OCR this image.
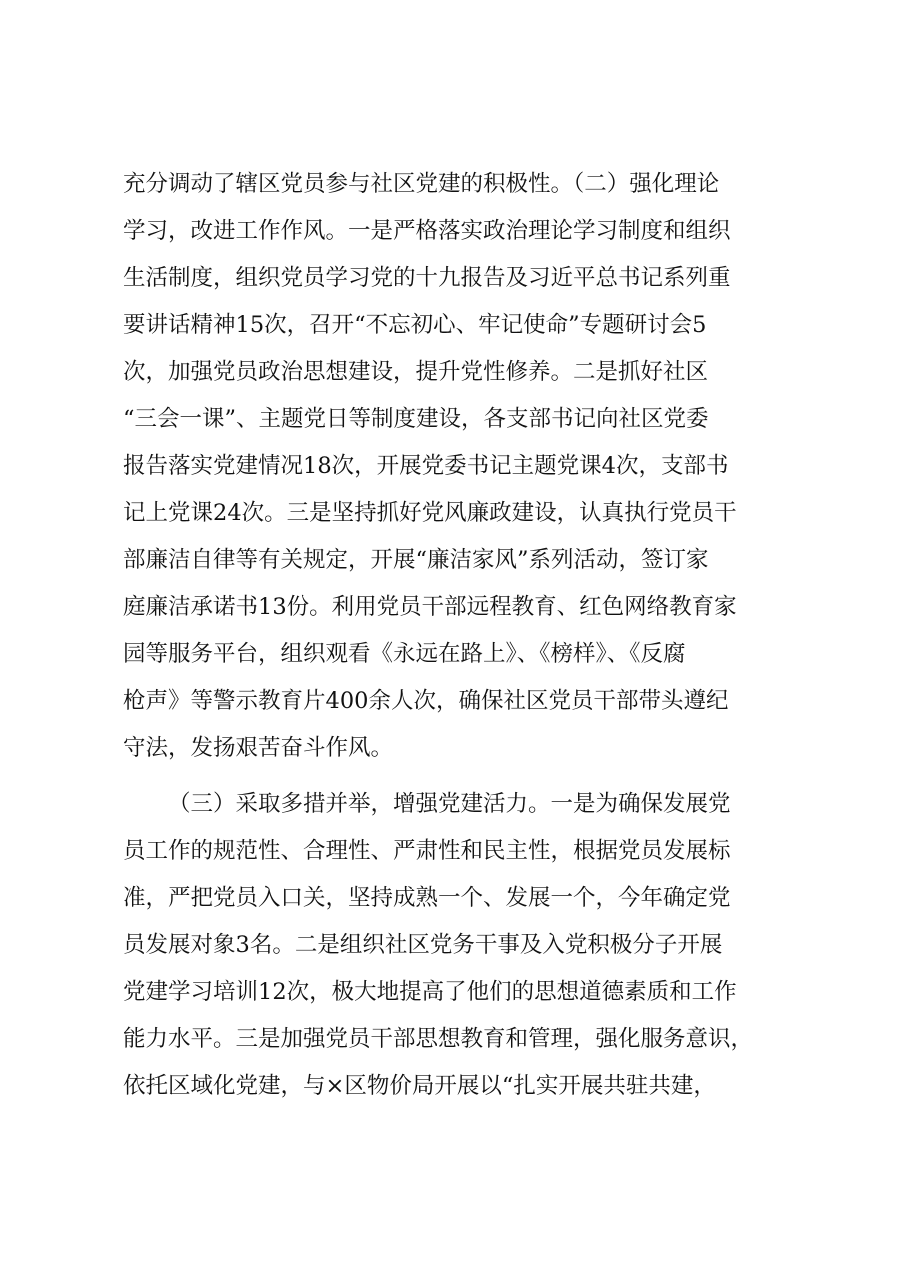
充分调动了辖区党员参与社区党建的积极性。（二）强化理论
学习，改进工作作风。一是严格落实政治理论学习制度和组织
生活制度，组织党员学习党的十九报告及习近平总书记系列重
要讲话精神15次，召开“不忘初心、牢记使命”专题研讨会5
次，加强党员政治思想建设，提升党性修养。二是抓好社区
“三会一课”、主题党日等制度建设，各支部书记向社区党委
报告落实党建情况18次，开展党委书记主题党课4次，支部书
记上党课24次。三是坚持抓好党风廉政建设，认真执行党员干
部廉洁自律等有关规定，开展“廉洁家风”系列活动，签订家
庭廉洁承诺书13份。利用党员干部远程教育、红色网络教育家
园等服务平台，组织观看《永远在路上》、《榜样》、《反腐
枪声》等警示教育片400余人次，确保社区党员干部带头遵纪
守法，发扬艰苦奋斗作风。
（三）采取多措并举，增强党建活力。一是为确保发展党
员工作的规范性、合理性、严肃性和民主性，根据党员发展标
准，严把党员入口关，坚持成熟一个、发展一个，今年确定党
员发展对象3名。二是组织社区党务干事及入党积极分子开展
党建学习培训12次，极大地提高了他们的思想道德素质和工作
能力水平。三是加强党员干部思想教育和管理，强化服务意识，
依托区域化党建，与×区物价局开展以“扎实开展共驻共建，
